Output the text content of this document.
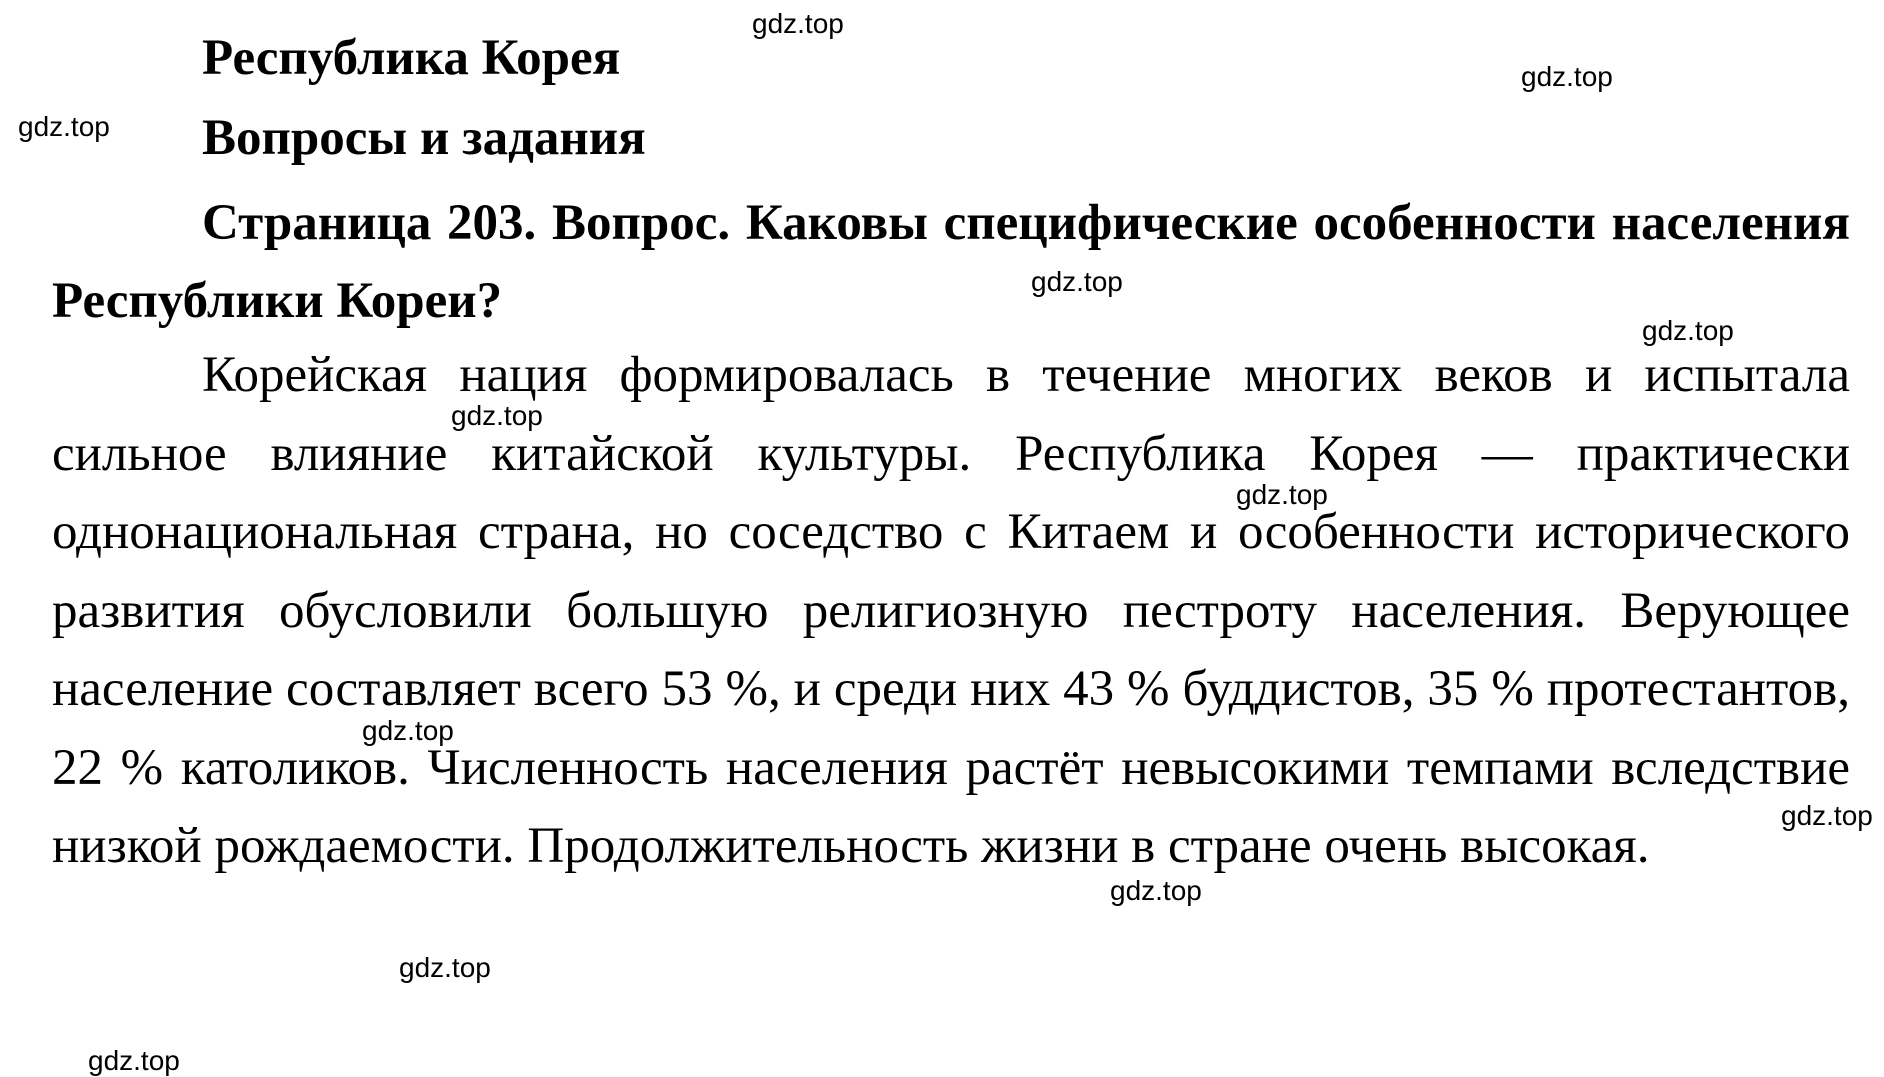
Республика Корея
Вопросы и задания

Страница 203. Вопрос. Каковы специфические особенности населения Республики Кореи?

Корейская нация формировалась в течение многих веков и испытала сильное влияние китайской культуры. Республика Корея — практически однонациональная страна, но соседство с Китаем и особенности исторического развития обусловили большую религиозную пестроту населения. Верующее население составляет всего 53 %, и среди них 43 % буддистов, 35 % протестантов, 22 % католиков. Численность населения растёт невысокими темпами вследствие низкой рождаемости. Продолжительность жизни в стране очень высокая.

gdz.top
gdz.top
gdz.top
gdz.top
gdz.top
gdz.top
gdz.top
gdz.top
gdz.top
gdz.top
gdz.top
gdz.top
